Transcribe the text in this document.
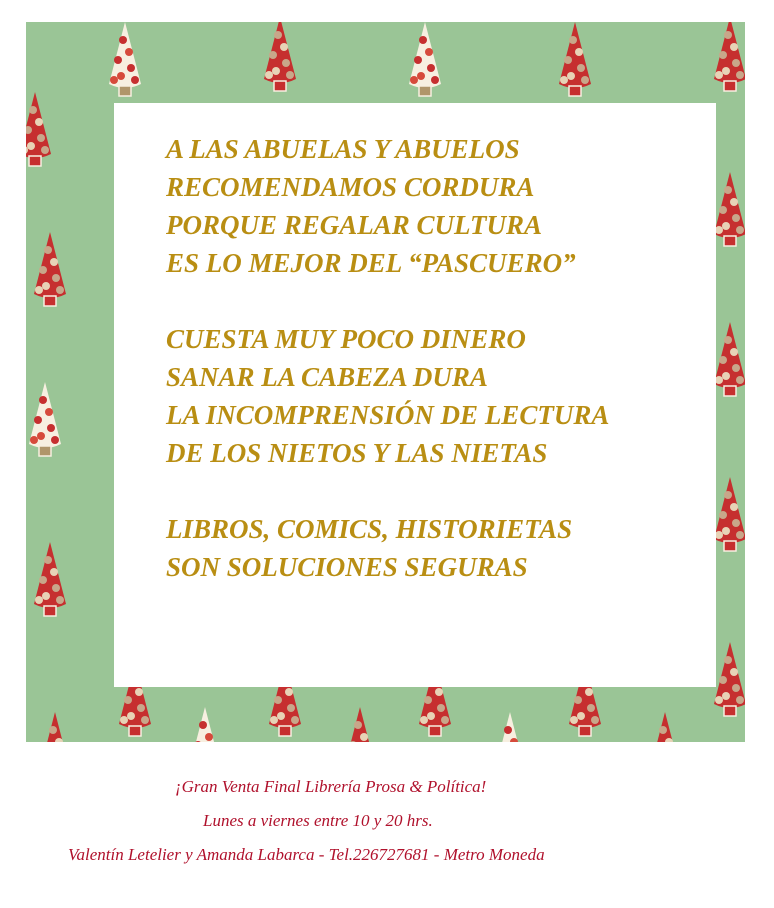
A LAS ABUELAS Y ABUELOS
RECOMENDAMOS CORDURA
PORQUE REGALAR CULTURA
ES LO MEJOR DEL “PASCUERO”
CUESTA MUY POCO DINERO
SANAR LA CABEZA DURA
LA INCOMPRENSIÓN DE LECTURA
DE LOS NIETOS Y LAS NIETAS
LIBROS, COMICS, HISTORIETAS
SON SOLUCIONES SEGURAS
¡Gran Venta Final Librería Prosa & Política!
Lunes a viernes entre 10 y 20 hrs.
Valentín Letelier y Amanda Labarca - Tel.226727681 - Metro Moneda
